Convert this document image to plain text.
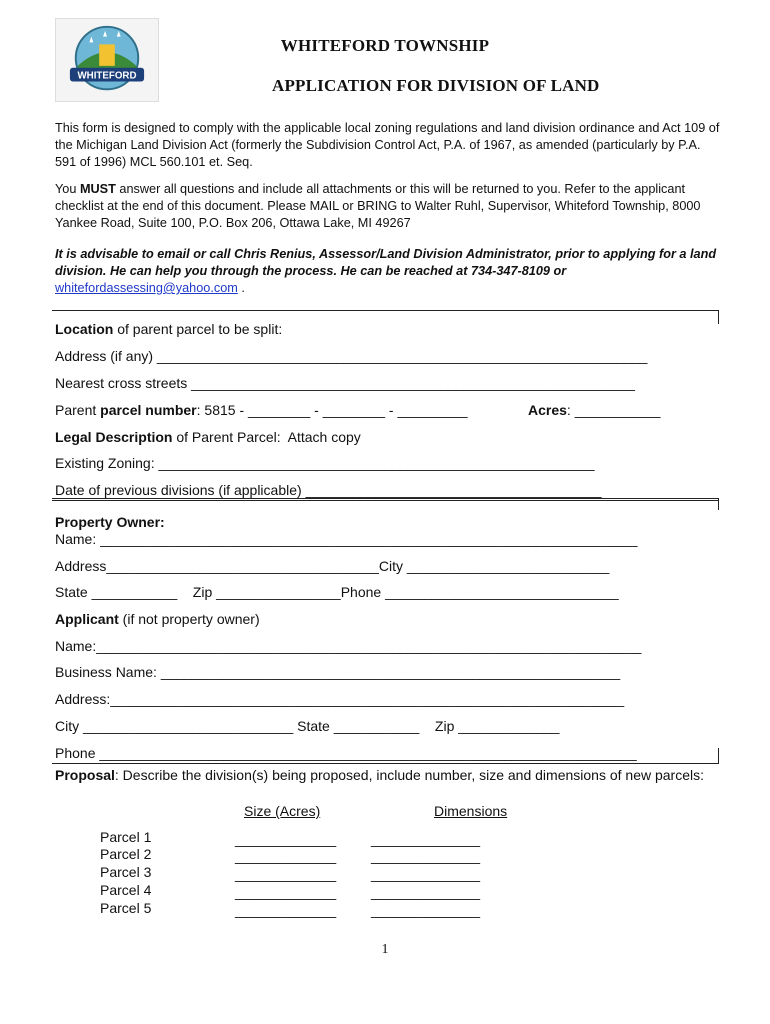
WHITEFORD
WHITEFORD TOWNSHIP
APPLICATION FOR DIVISION OF LAND
This form is designed to comply with the applicable local zoning regulations and land division ordinance and Act 109 of the Michigan Land Division Act (formerly the Subdivision Control Act, P.A. of 1967, as amended (particularly by P.A. 591 of 1996) MCL 560.101 et. Seq.
You MUST answer all questions and include all attachments or this will be returned to you. Refer to the applicant checklist at the end of this document. Please MAIL or BRING to Walter Ruhl, Supervisor, Whiteford Township, 8000 Yankee Road, Suite 100, P.O. Box 206, Ottawa Lake, MI 49267
It is advisable to email or call Chris Renius, Assessor/Land Division Administrator, prior to applying for a land division. He can help you through the process. He can be reached at 734-347-8109 or whitefordassessing@yahoo.com .
Location of parent parcel to be split:
Address (if any) _______________________________________________________________
Nearest cross streets _________________________________________________________
Parent parcel number: 5815 - ________ - ________ - _________	Acres: ___________
Legal Description of Parent Parcel:  Attach copy
Existing Zoning: ________________________________________________________
Date of previous divisions (if applicable) ______________________________________
Property Owner:
Name: _____________________________________________________________________
Address___________________________________City __________________________
State ___________    Zip ________________Phone ______________________________
Applicant (if not property owner)
Name:______________________________________________________________________
Business Name: ___________________________________________________________
Address:__________________________________________________________________
City ___________________________ State ___________    Zip _____________
Phone _____________________________________________________________________
Proposal: Describe the division(s) being proposed, include number, size and dimensions of new parcels:
Size (Acres)	Dimensions
Parcel 1
Parcel 2
Parcel 3
Parcel 4
Parcel 5
_____________
_____________
_____________
_____________
_____________
______________
______________
______________
______________
______________
1
